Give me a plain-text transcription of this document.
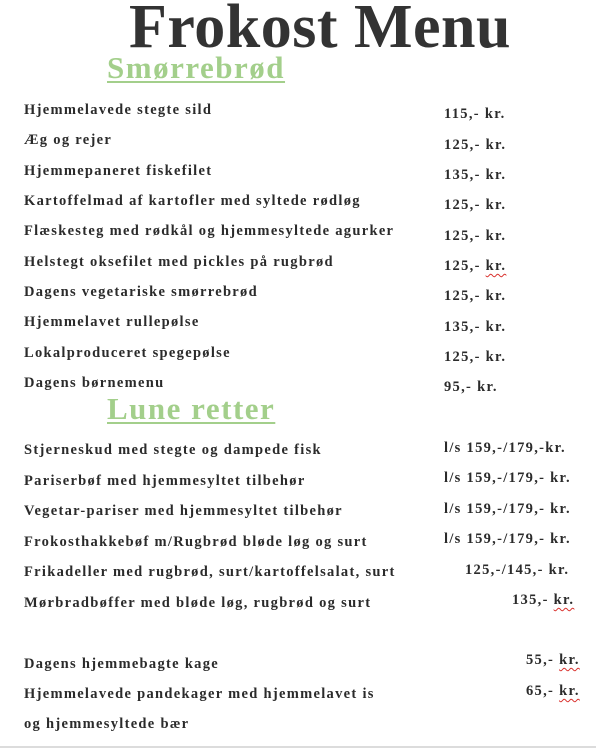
Frokost Menu
Smørrebrød
Hjemmelavede stegte sild	115,- kr.
Æg og rejer	125,- kr.
Hjemmepaneret fiskefilet	135,- kr.
Kartoffelmad af kartofler med syltede rødløg	125,- kr.
Flæskesteg med rødkål og hjemmesyltede agurker	125,- kr.
Helstegt oksefilet med pickles på rugbrød	125,- kr.
Dagens vegetariske smørrebrød	125,- kr.
Hjemmelavet rullepølse	135,- kr.
Lokalproduceret spegepølse	125,- kr.
Dagens børnemenu	95,- kr.
Lune retter
Stjerneskud med stegte og dampede fisk	l/s 159,-/179,-kr.
Pariserbøf med hjemmesyltet tilbehør	l/s 159,-/179,- kr.
Vegetar-pariser med hjemmesyltet tilbehør	l/s 159,-/179,- kr.
Frokosthakkebøf m/Rugbrød bløde løg og surt	l/s 159,-/179,- kr.
Frikadeller med rugbrød, surt/kartoffelsalat, surt	125,-/145,- kr.
Mørbradbøffer med bløde løg, rugbrød og surt	135,- kr.
Dagens hjemmebagte kage	55,- kr.
Hjemmelavede pandekager med hjemmelavet is	65,- kr.
og hjemmesyltede bær
